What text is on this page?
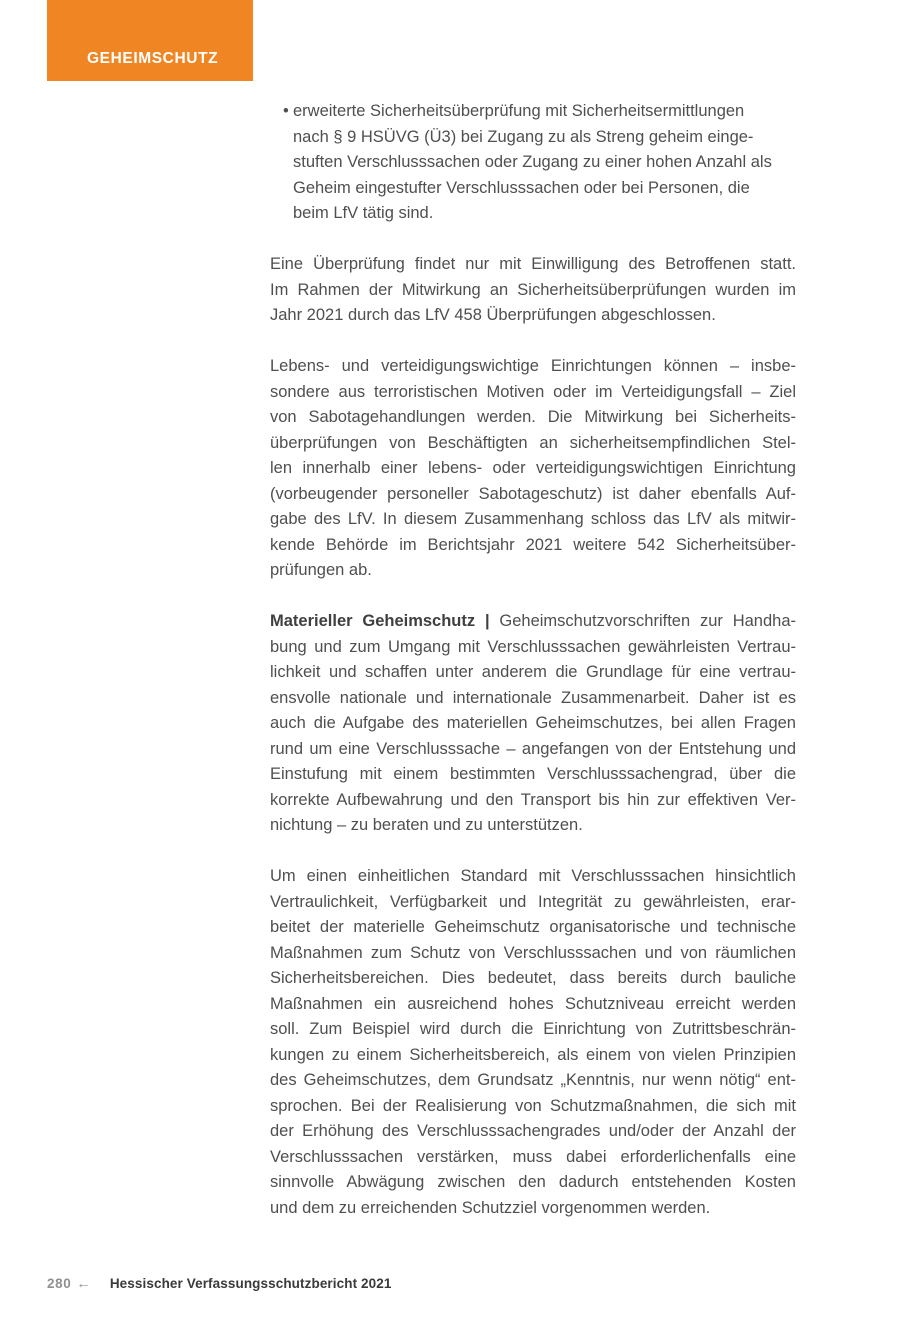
GEHEIMSCHUTZ
• erweiterte Sicherheitsüberprüfung mit Sicherheitsermittlungen
nach § 9 HSÜVG (Ü3) bei Zugang zu als Streng geheim einge-
stuften Verschlusssachen oder Zugang zu einer hohen Anzahl als
Geheim eingestufter Verschlusssachen oder bei Personen, die
beim LfV tätig sind.
Eine Überprüfung findet nur mit Einwilligung des Betroffenen statt.
Im Rahmen der Mitwirkung an Sicherheitsüberprüfungen wurden im
Jahr 2021 durch das LfV 458 Überprüfungen abgeschlossen.
Lebens- und verteidigungswichtige Einrichtungen können – insbe-
sondere aus terroristischen Motiven oder im Verteidigungsfall – Ziel
von Sabotagehandlungen werden. Die Mitwirkung bei Sicherheits-
überprüfungen von Beschäftigten an sicherheitsempfindlichen Stel-
len innerhalb einer lebens- oder verteidigungswichtigen Einrichtung
(vorbeugender personeller Sabotageschutz) ist daher ebenfalls Auf-
gabe des LfV. In diesem Zusammenhang schloss das LfV als mitwir-
kende Behörde im Berichtsjahr 2021 weitere 542 Sicherheitsüber-
prüfungen ab.
Materieller Geheimschutz | Geheimschutzvorschriften zur Handha-
bung und zum Umgang mit Verschlusssachen gewährleisten Vertrau-
lichkeit und schaffen unter anderem die Grundlage für eine vertrau-
ensvolle nationale und internationale Zusammenarbeit. Daher ist es
auch die Aufgabe des materiellen Geheimschutzes, bei allen Fragen
rund um eine Verschlusssache – angefangen von der Entstehung und
Einstufung mit einem bestimmten Verschlusssachengrad, über die
korrekte Aufbewahrung und den Transport bis hin zur effektiven Ver-
nichtung – zu beraten und zu unterstützen.
Um einen einheitlichen Standard mit Verschlusssachen hinsichtlich
Vertraulichkeit, Verfügbarkeit und Integrität zu gewährleisten, erar-
beitet der materielle Geheimschutz organisatorische und technische
Maßnahmen zum Schutz von Verschlusssachen und von räumlichen
Sicherheitsbereichen. Dies bedeutet, dass bereits durch bauliche
Maßnahmen ein ausreichend hohes Schutzniveau erreicht werden
soll. Zum Beispiel wird durch die Einrichtung von Zutrittsbeschrän-
kungen zu einem Sicherheitsbereich, als einem von vielen Prinzipien
des Geheimschutzes, dem Grundsatz „Kenntnis, nur wenn nötig“ ent-
sprochen. Bei der Realisierung von Schutzmaßnahmen, die sich mit
der Erhöhung des Verschlusssachengrades und/oder der Anzahl der
Verschlusssachen verstärken, muss dabei erforderlichenfalls eine
sinnvolle Abwägung zwischen den dadurch entstehenden Kosten
und dem zu erreichenden Schutzziel vorgenommen werden.
280 ← Hessischer Verfassungsschutzbericht 2021
